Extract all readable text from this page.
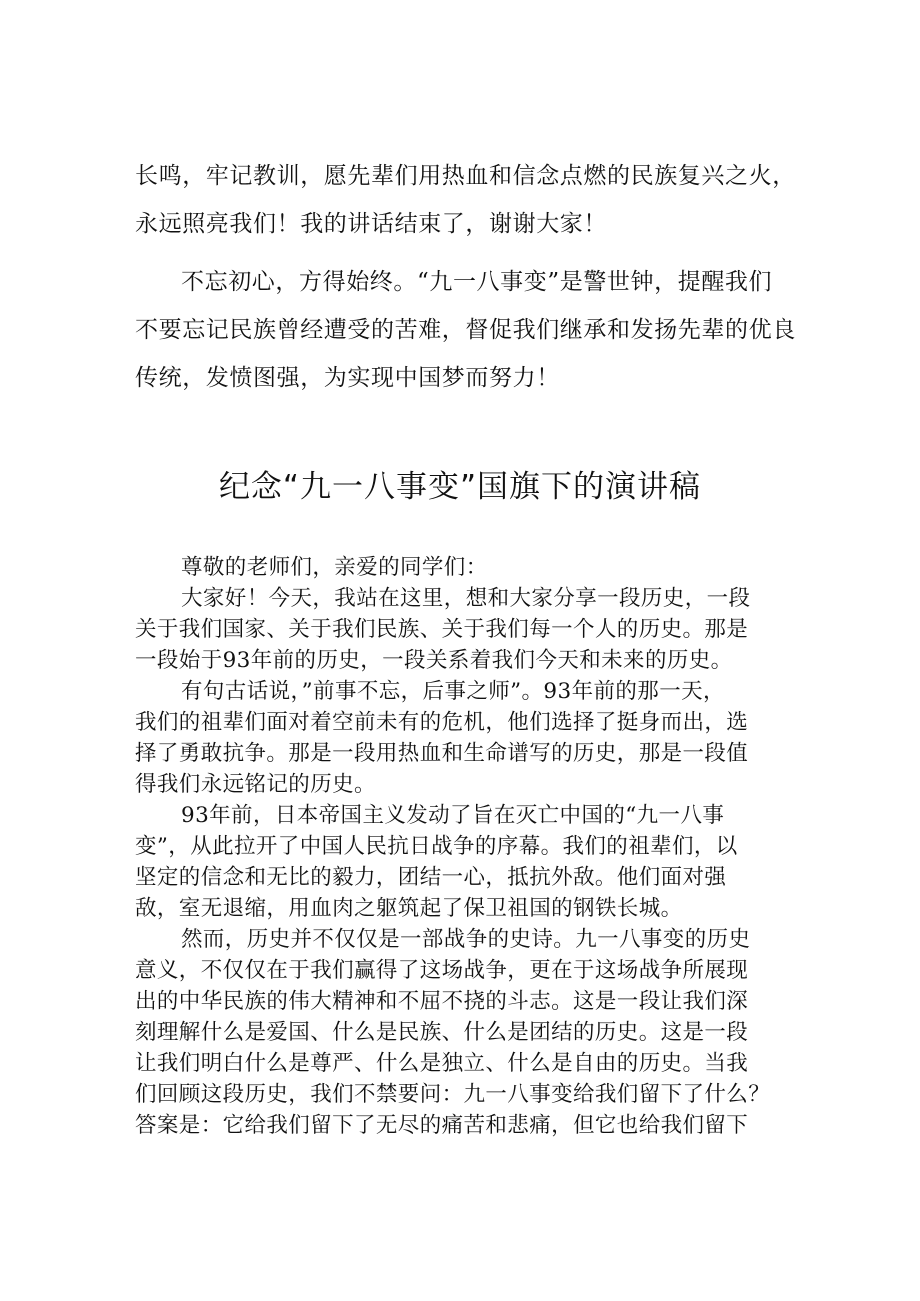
长鸣，牢记教训，愿先辈们用热血和信念点燃的民族复兴之火，

永远照亮我们！我的讲话结束了，谢谢大家！

不忘初心，方得始终。“九一八事变”是警世钟，提醒我们

不要忘记民族曾经遭受的苦难，督促我们继承和发扬先辈的优良

传统，发愤图强，为实现中国梦而努力！

纪念“九一八事变”国旗下的演讲稿

尊敬的老师们，亲爱的同学们：

大家好！今天，我站在这里，想和大家分享一段历史，一段

关于我们国家、关于我们民族、关于我们每一个人的历史。那是

一段始于93年前的历史，一段关系着我们今天和未来的历史。

有句古话说，”前事不忘，后事之师”。93年前的那一天，

我们的祖辈们面对着空前未有的危机，他们选择了挺身而出，选

择了勇敢抗争。那是一段用热血和生命谱写的历史，那是一段值

得我们永远铭记的历史。

93年前，日本帝国主义发动了旨在灭亡中国的“九一八事

变”，从此拉开了中国人民抗日战争的序幕。我们的祖辈们，以

坚定的信念和无比的毅力，团结一心，抵抗外敌。他们面对强

敌，室无退缩，用血肉之躯筑起了保卫祖国的钢铁长城。

然而，历史并不仅仅是一部战争的史诗。九一八事变的历史

意义，不仅仅在于我们赢得了这场战争，更在于这场战争所展现

出的中华民族的伟大精神和不屈不挠的斗志。这是一段让我们深

刻理解什么是爱国、什么是民族、什么是团结的历史。这是一段

让我们明白什么是尊严、什么是独立、什么是自由的历史。当我

们回顾这段历史，我们不禁要问：九一八事变给我们留下了什么？

答案是：它给我们留下了无尽的痛苦和悲痛，但它也给我们留下
